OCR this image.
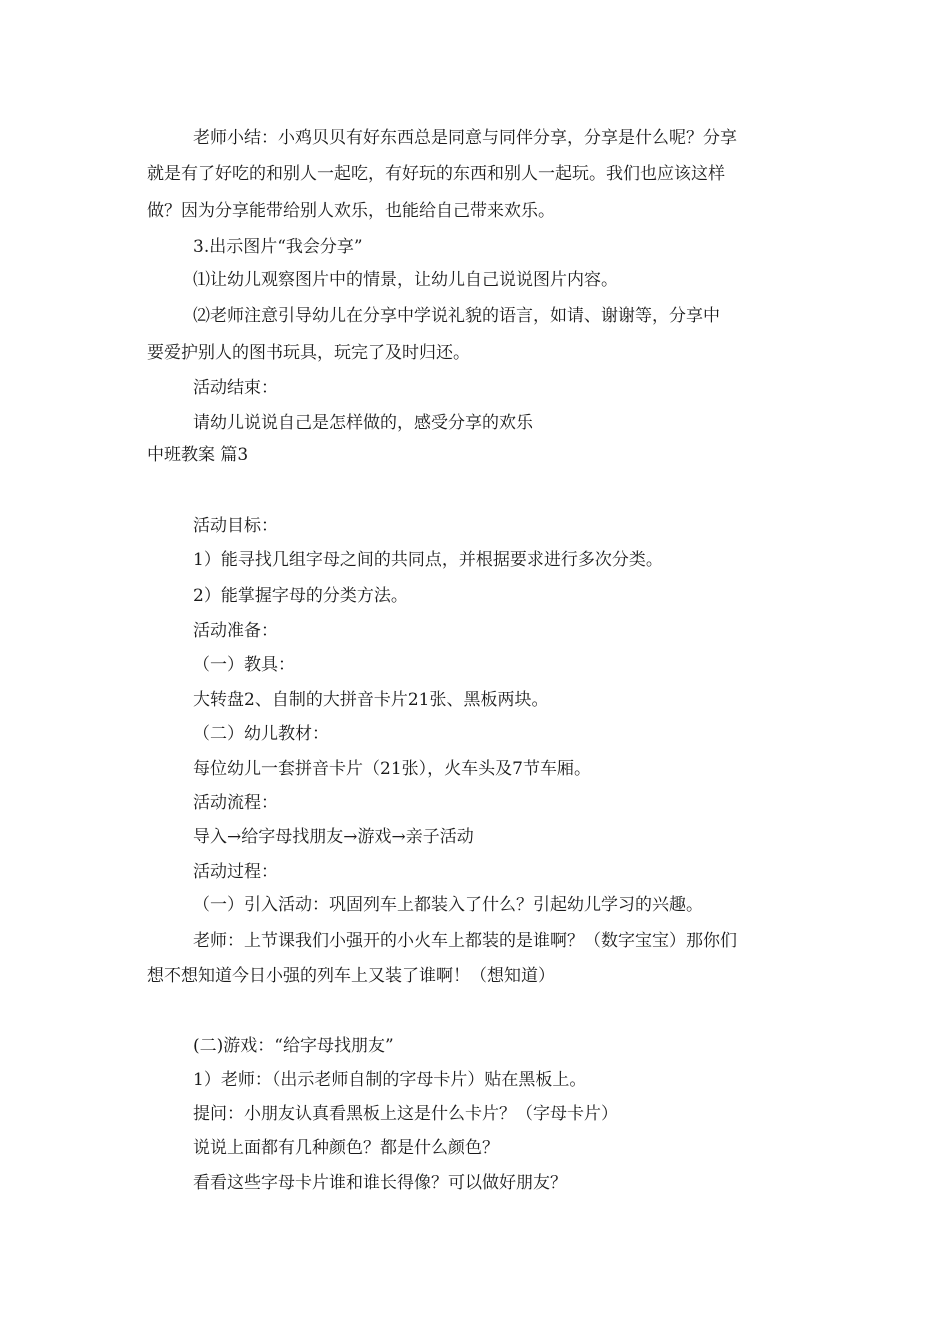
老师小结：小鸡贝贝有好东西总是同意与同伴分享，分享是什么呢？分享
就是有了好吃的和别人一起吃，有好玩的东西和别人一起玩。我们也应该这样
做？因为分享能带给别人欢乐，也能给自己带来欢乐。
3.出示图片“我会分享”
⑴让幼儿观察图片中的情景，让幼儿自己说说图片内容。
⑵老师注意引导幼儿在分享中学说礼貌的语言，如请、谢谢等，分享中
要爱护别人的图书玩具，玩完了及时归还。
活动结束：
请幼儿说说自己是怎样做的，感受分享的欢乐
中班教案 篇3
活动目标：
1）能寻找几组字母之间的共同点，并根据要求进行多次分类。
2）能掌握字母的分类方法。
活动准备：
（一）教具：
大转盘2、自制的大拼音卡片21张、黑板两块。
（二）幼儿教材：
每位幼儿一套拼音卡片（21张），火车头及7节车厢。
活动流程：
导入→给字母找朋友→游戏→亲子活动
活动过程：
（一）引入活动：巩固列车上都装入了什么？引起幼儿学习的兴趣。
老师：上节课我们小强开的小火车上都装的是谁啊？（数字宝宝）那你们
想不想知道今日小强的列车上又装了谁啊！（想知道）
(二)游戏：“给字母找朋友”
1）老师：（出示老师自制的字母卡片）贴在黑板上。
提问：小朋友认真看黑板上这是什么卡片？（字母卡片）
说说上面都有几种颜色？都是什么颜色？
看看这些字母卡片谁和谁长得像？可以做好朋友？
